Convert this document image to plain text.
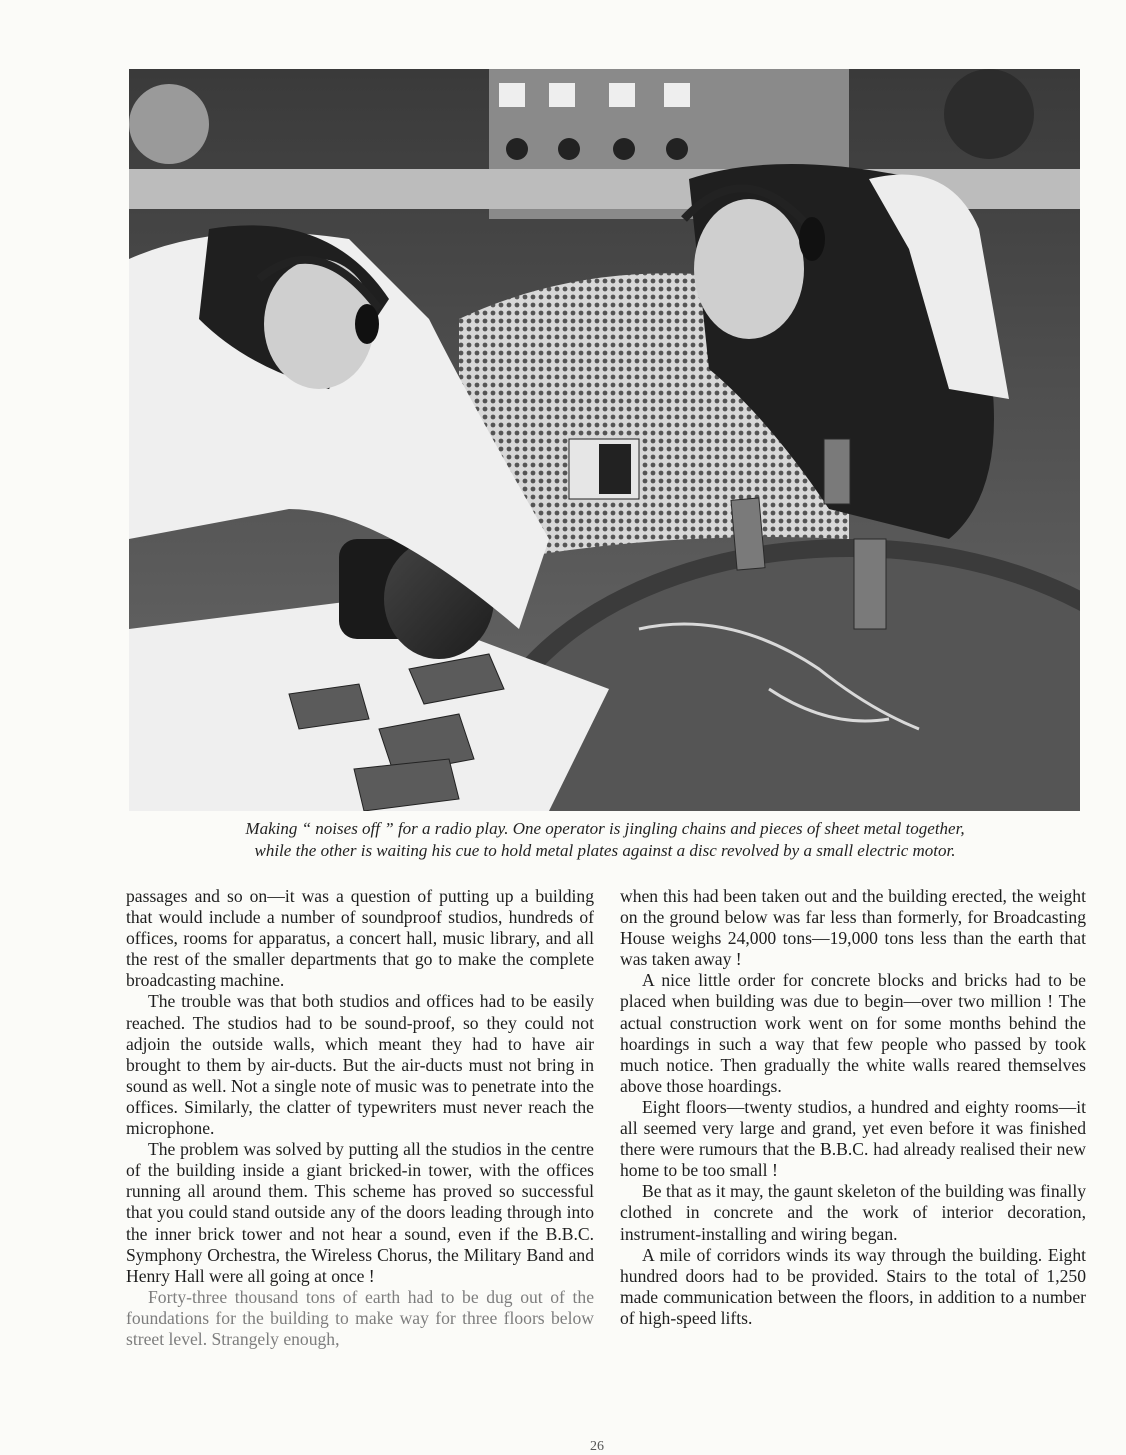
Making “ noises off ” for a radio play. One operator is jingling chains and pieces of sheet metal together,

while the other is waiting his cue to hold metal plates against a disc revolved by a small electric motor.

passages and so on—it was a question of putting up a building that would include a number of soundproof studios, hundreds of offices, rooms for apparatus, a concert hall, music library, and all the rest of the smaller departments that go to make the complete broadcasting machine.

The trouble was that both studios and offices had to be easily reached. The studios had to be sound-proof, so they could not adjoin the outside walls, which meant they had to have air brought to them by air-ducts. But the air-ducts must not bring in sound as well. Not a single note of music was to penetrate into the offices. Similarly, the clatter of typewriters must never reach the microphone.

The problem was solved by putting all the studios in the centre of the building inside a giant bricked-in tower, with the offices running all around them. This scheme has proved so successful that you could stand outside any of the doors leading through into the inner brick tower and not hear a sound, even if the B.B.C. Symphony Orchestra, the Wireless Chorus, the Military Band and Henry Hall were all going at once !

Forty-three thousand tons of earth had to be dug out of the foundations for the building to make way for three floors below street level. Strangely enough,

when this had been taken out and the building erected, the weight on the ground below was far less than formerly, for Broadcasting House weighs 24,000 tons—19,000 tons less than the earth that was taken away !

A nice little order for concrete blocks and bricks had to be placed when building was due to begin—over two million ! The actual construction work went on for some months behind the hoardings in such a way that few people who passed by took much notice. Then gradually the white walls reared themselves above those hoardings.

Eight floors—twenty studios, a hundred and eighty rooms—it all seemed very large and grand, yet even before it was finished there were rumours that the B.B.C. had already realised their new home to be too small !

Be that as it may, the gaunt skeleton of the building was finally clothed in concrete and the work of interior decoration, instrument-installing and wiring began.

A mile of corridors winds its way through the building. Eight hundred doors had to be provided. Stairs to the total of 1,250 made communication between the floors, in addition to a number of high-speed lifts.

26
